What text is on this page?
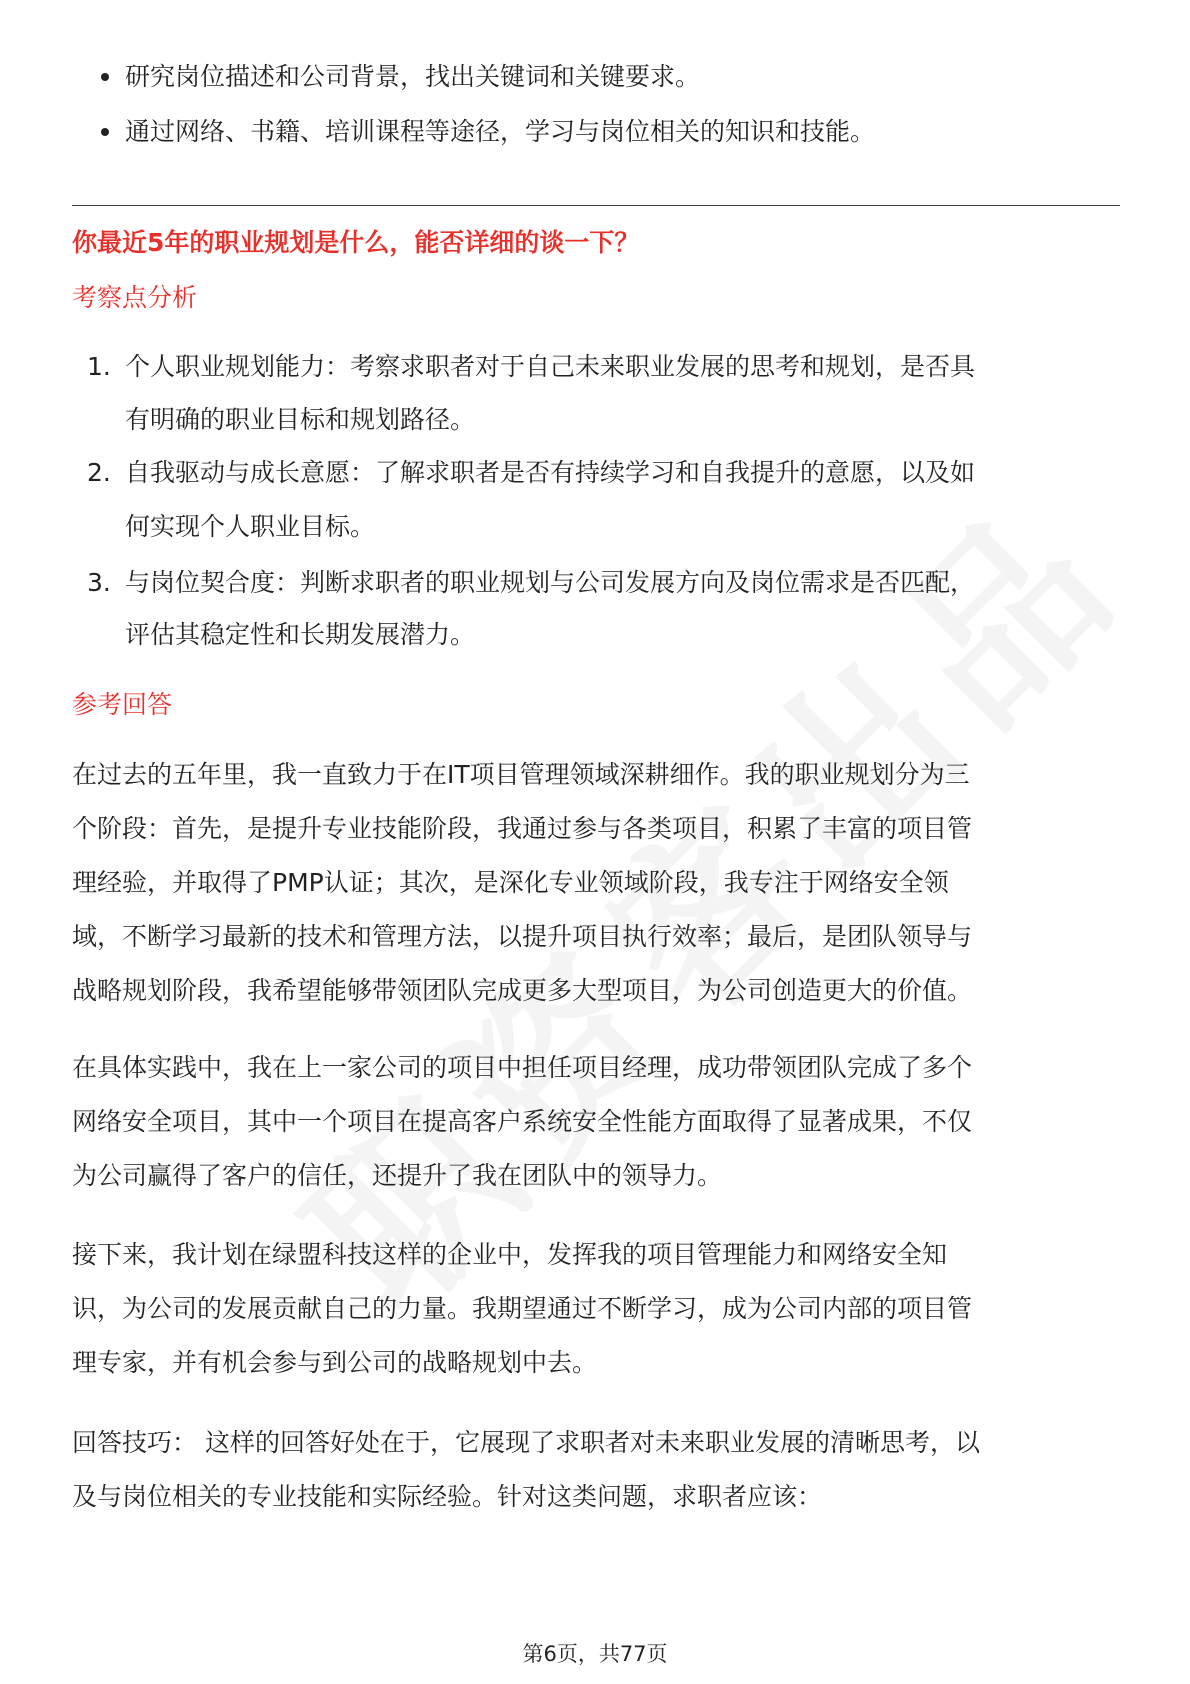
研究岗位描述和公司背景，找出关键词和关键要求。
通过网络、书籍、培训课程等途径，学习与岗位相关的知识和技能。
你最近5年的职业规划是什么，能否详细的谈一下？
考察点分析
1. 个人职业规划能力：考察求职者对于自己未来职业发展的思考和规划，是否具
有明确的职业目标和规划路径。
2. 自我驱动与成长意愿：了解求职者是否有持续学习和自我提升的意愿，以及如
何实现个人职业目标。
3. 与岗位契合度：判断求职者的职业规划与公司发展方向及岗位需求是否匹配，
评估其稳定性和长期发展潜力。
参考回答
在过去的五年里，我一直致力于在IT项目管理领域深耕细作。我的职业规划分为三
个阶段：首先，是提升专业技能阶段，我通过参与各类项目，积累了丰富的项目管
理经验，并取得了PMP认证；其次，是深化专业领域阶段，我专注于网络安全领
域，不断学习最新的技术和管理方法，以提升项目执行效率；最后，是团队领导与
战略规划阶段，我希望能够带领团队完成更多大型项目，为公司创造更大的价值。
在具体实践中，我在上一家公司的项目中担任项目经理，成功带领团队完成了多个
网络安全项目，其中一个项目在提高客户系统安全性能方面取得了显著成果，不仅
为公司赢得了客户的信任，还提升了我在团队中的领导力。
接下来，我计划在绿盟科技这样的企业中，发挥我的项目管理能力和网络安全知
识，为公司的发展贡献自己的力量。我期望通过不断学习，成为公司内部的项目管
理专家，并有机会参与到公司的战略规划中去。
回答技巧： 这样的回答好处在于，它展现了求职者对未来职业发展的清晰思考，以
及与岗位相关的专业技能和实际经验。针对这类问题，求职者应该：
第6页，共77页
